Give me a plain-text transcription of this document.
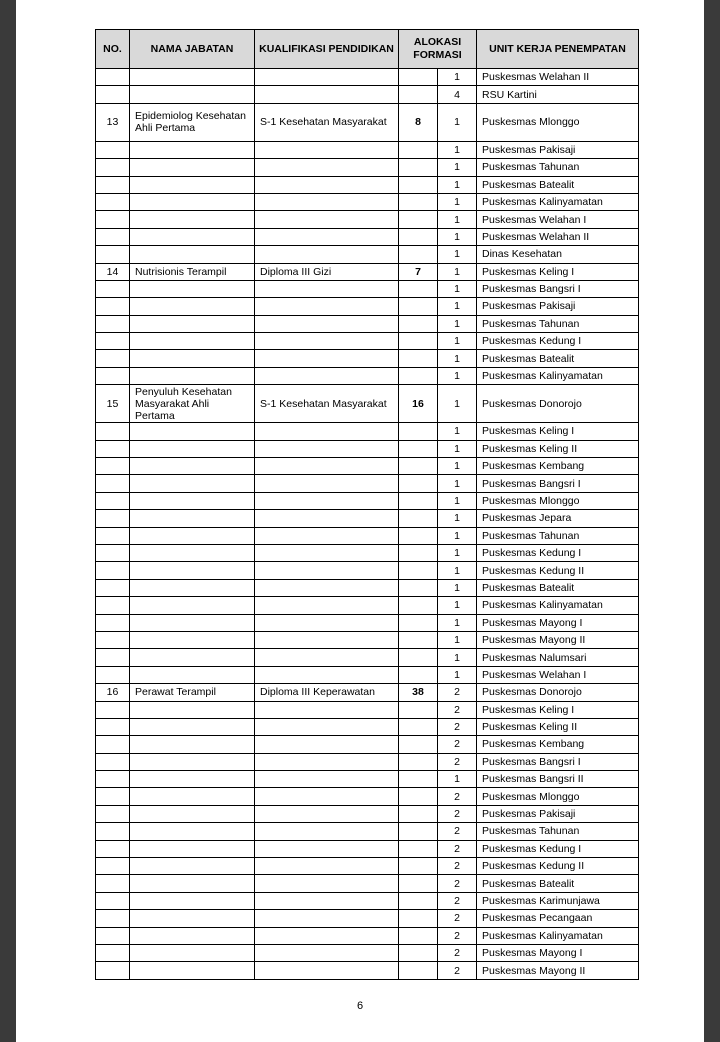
NO.	NAMA JABATAN	KUALIFIKASI PENDIDIKAN	ALOKASI FORMASI		UNIT KERJA PENEMPATAN
				1	Puskesmas Welahan II
				4	RSU Kartini
13	Epidemiolog Kesehatan Ahli Pertama	S-1 Kesehatan Masyarakat	8	1	Puskesmas Mlonggo
				1	Puskesmas Pakisaji
				1	Puskesmas Tahunan
				1	Puskesmas Batealit
				1	Puskesmas Kalinyamatan
				1	Puskesmas Welahan I
				1	Puskesmas Welahan II
				1	Dinas Kesehatan
14	Nutrisionis Terampil	Diploma III Gizi	7	1	Puskesmas Keling I
				1	Puskesmas Bangsri I
				1	Puskesmas Pakisaji
				1	Puskesmas Tahunan
				1	Puskesmas Kedung I
				1	Puskesmas Batealit
				1	Puskesmas Kalinyamatan
15	Penyuluh Kesehatan Masyarakat Ahli Pertama	S-1 Kesehatan Masyarakat	16	1	Puskesmas Donorojo
				1	Puskesmas Keling I
				1	Puskesmas Keling II
				1	Puskesmas Kembang
				1	Puskesmas Bangsri I
				1	Puskesmas Mlonggo
				1	Puskesmas Jepara
				1	Puskesmas Tahunan
				1	Puskesmas Kedung I
				1	Puskesmas Kedung II
				1	Puskesmas Batealit
				1	Puskesmas Kalinyamatan
				1	Puskesmas Mayong I
				1	Puskesmas Mayong II
				1	Puskesmas Nalumsari
				1	Puskesmas Welahan I
16	Perawat Terampil	Diploma III Keperawatan	38	2	Puskesmas Donorojo
				2	Puskesmas Keling I
				2	Puskesmas Keling II
				2	Puskesmas Kembang
				2	Puskesmas Bangsri I
				1	Puskesmas Bangsri II
				2	Puskesmas Mlonggo
				2	Puskesmas Pakisaji
				2	Puskesmas Tahunan
				2	Puskesmas Kedung I
				2	Puskesmas Kedung II
				2	Puskesmas Batealit
				2	Puskesmas Karimunjawa
				2	Puskesmas Pecangaan
				2	Puskesmas Kalinyamatan
				2	Puskesmas Mayong I
				2	Puskesmas Mayong II
6
